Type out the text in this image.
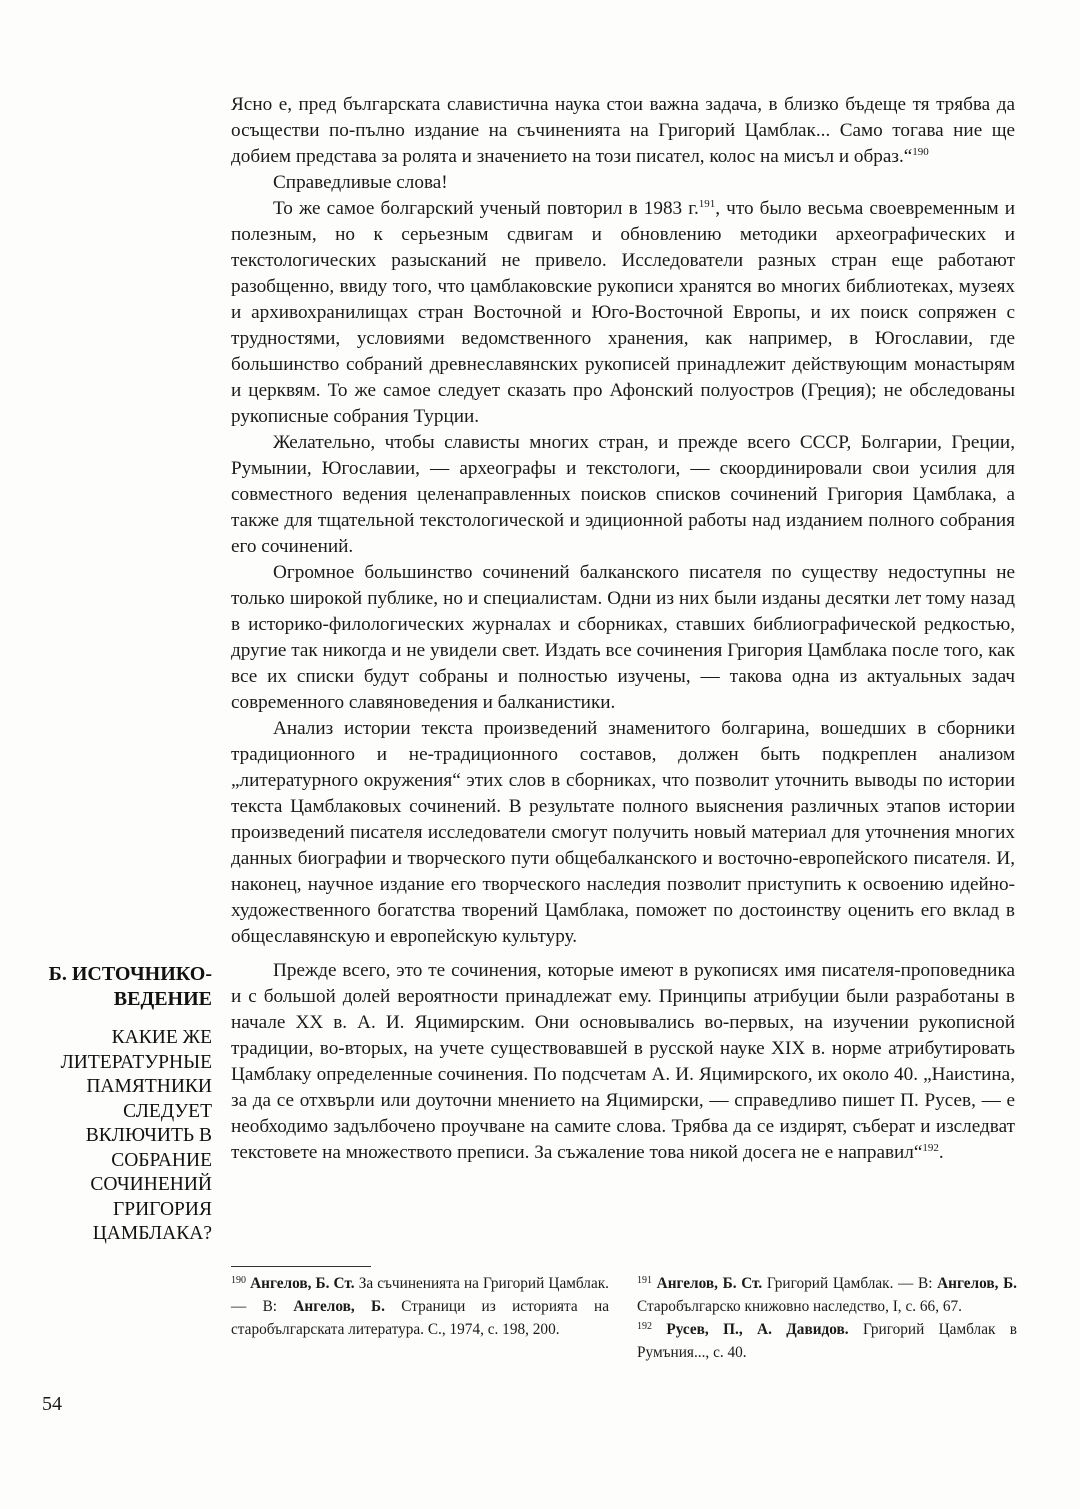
Ясно е, пред българската славистична наука стои важна задача, в близко бъдеще тя трябва да осъществи по-пълно издание на съчиненията на Григорий Цамблак... Само тогава ние ще добием представа за ролята и значението на този писател, колос на мисъл и образ.“$^{190}$

Справедливые слова!

То же самое болгарский ученый повторил в 1983 г.$^{191}$, что было весьма своевременным и полезным, но к серьезным сдвигам и обновлению методики археографических и текстологических разысканий не привело. Исследователи разных стран еще работают разобщенно, ввиду того, что цамблаковские рукописи хранятся во многих библиотеках, музеях и архивохранилищах стран Восточной и Юго-Восточной Европы, и их поиск сопряжен с трудностями, условиями ведомственного хранения, как например, в Югославии, где большинство собраний древнеславянских рукописей принадлежит действующим монастырям и церквям. То же самое следует сказать про Афонский полуостров (Греция); не обследованы рукописные собрания Турции.

Желательно, чтобы слависты многих стран, и прежде всего СССР, Болгарии, Греции, Румынии, Югославии, — археографы и текстологи, — скоординировали свои усилия для совместного ведения целенаправленных поисков списков сочинений Григория Цамблака, а также для тщательной текстологической и эдиционной работы над изданием полного собрания его сочинений.

Огромное большинство сочинений балканского писателя по существу недоступны не только широкой публике, но и специалистам. Одни из них были изданы десятки лет тому назад в историко-филологических журналах и сборниках, ставших библиографической редкостью, другие так никогда и не увидели свет. Издать все сочинения Григория Цамблака после того, как все их списки будут собраны и полностью изучены, — такова одна из актуальных задач современного славяноведения и балканистики.

Анализ истории текста произведений знаменитого болгарина, вошедших в сборники традиционного и не-традиционного составов, должен быть подкреплен анализом „литературного окружения“ этих слов в сборниках, что позволит уточнить выводы по истории текста Цамблаковых сочинений. В результате полного выяснения различных этапов истории произведений писателя исследователи смогут получить новый материал для уточнения многих данных биографии и творческого пути общебалканского и восточно-европейского писателя. И, наконец, научное издание его творческого наследия позволит приступить к освоению идейно-художественного богатства творений Цамблака, поможет по достоинству оценить его вклад в общеславянскую и европейскую культуру.

Прежде всего, это те сочинения, которые имеют в рукописях имя писателя-проповедника и с большой долей вероятности принадлежат ему. Принципы атрибуции были разработаны в начале XX в. А. И. Яцимирским. Они основывались во-первых, на изучении рукописной традиции, во-вторых, на учете существовавшей в русской науке XIX в. норме атрибутировать Цамблаку определенные сочинения. По подсчетам А. И. Яцимирского, их около 40. „Наистина, за да се отхвърли или доуточни мнението на Яцимирски, — справедливо пишет П. Русев, — е необходимо задълбочено проучване на самите слова. Трябва да се издирят, съберат и изследват текстовете на множеството преписи. За съжаление това никой досега не е направил“$^{192}$.

Б. ИСТОЧНИКО-ВЕДЕНИЕ
КАКИЕ ЖЕ ЛИТЕРАТУРНЫЕ ПАМЯТНИКИ СЛЕДУЕТ ВКЛЮЧИТЬ В СОБРАНИЕ СОЧИНЕНИЙ ГРИГОРИЯ ЦАМБЛАКА?

$^{190}$ Ангелов, Б. Ст. За съчиненията на Григорий Цамблак. — В: Ангелов, Б. Страници из историята на старобългарската литература. С., 1974, с. 198, 200.

$^{191}$ Ангелов, Б. Ст. Григорий Цамблак. — В: Ангелов, Б. Старобългарско книжовно наследство, I, с. 66, 67.

$^{192}$ Русев, П., А. Давидов. Григорий Цамблак в Румъния..., с. 40.

54
